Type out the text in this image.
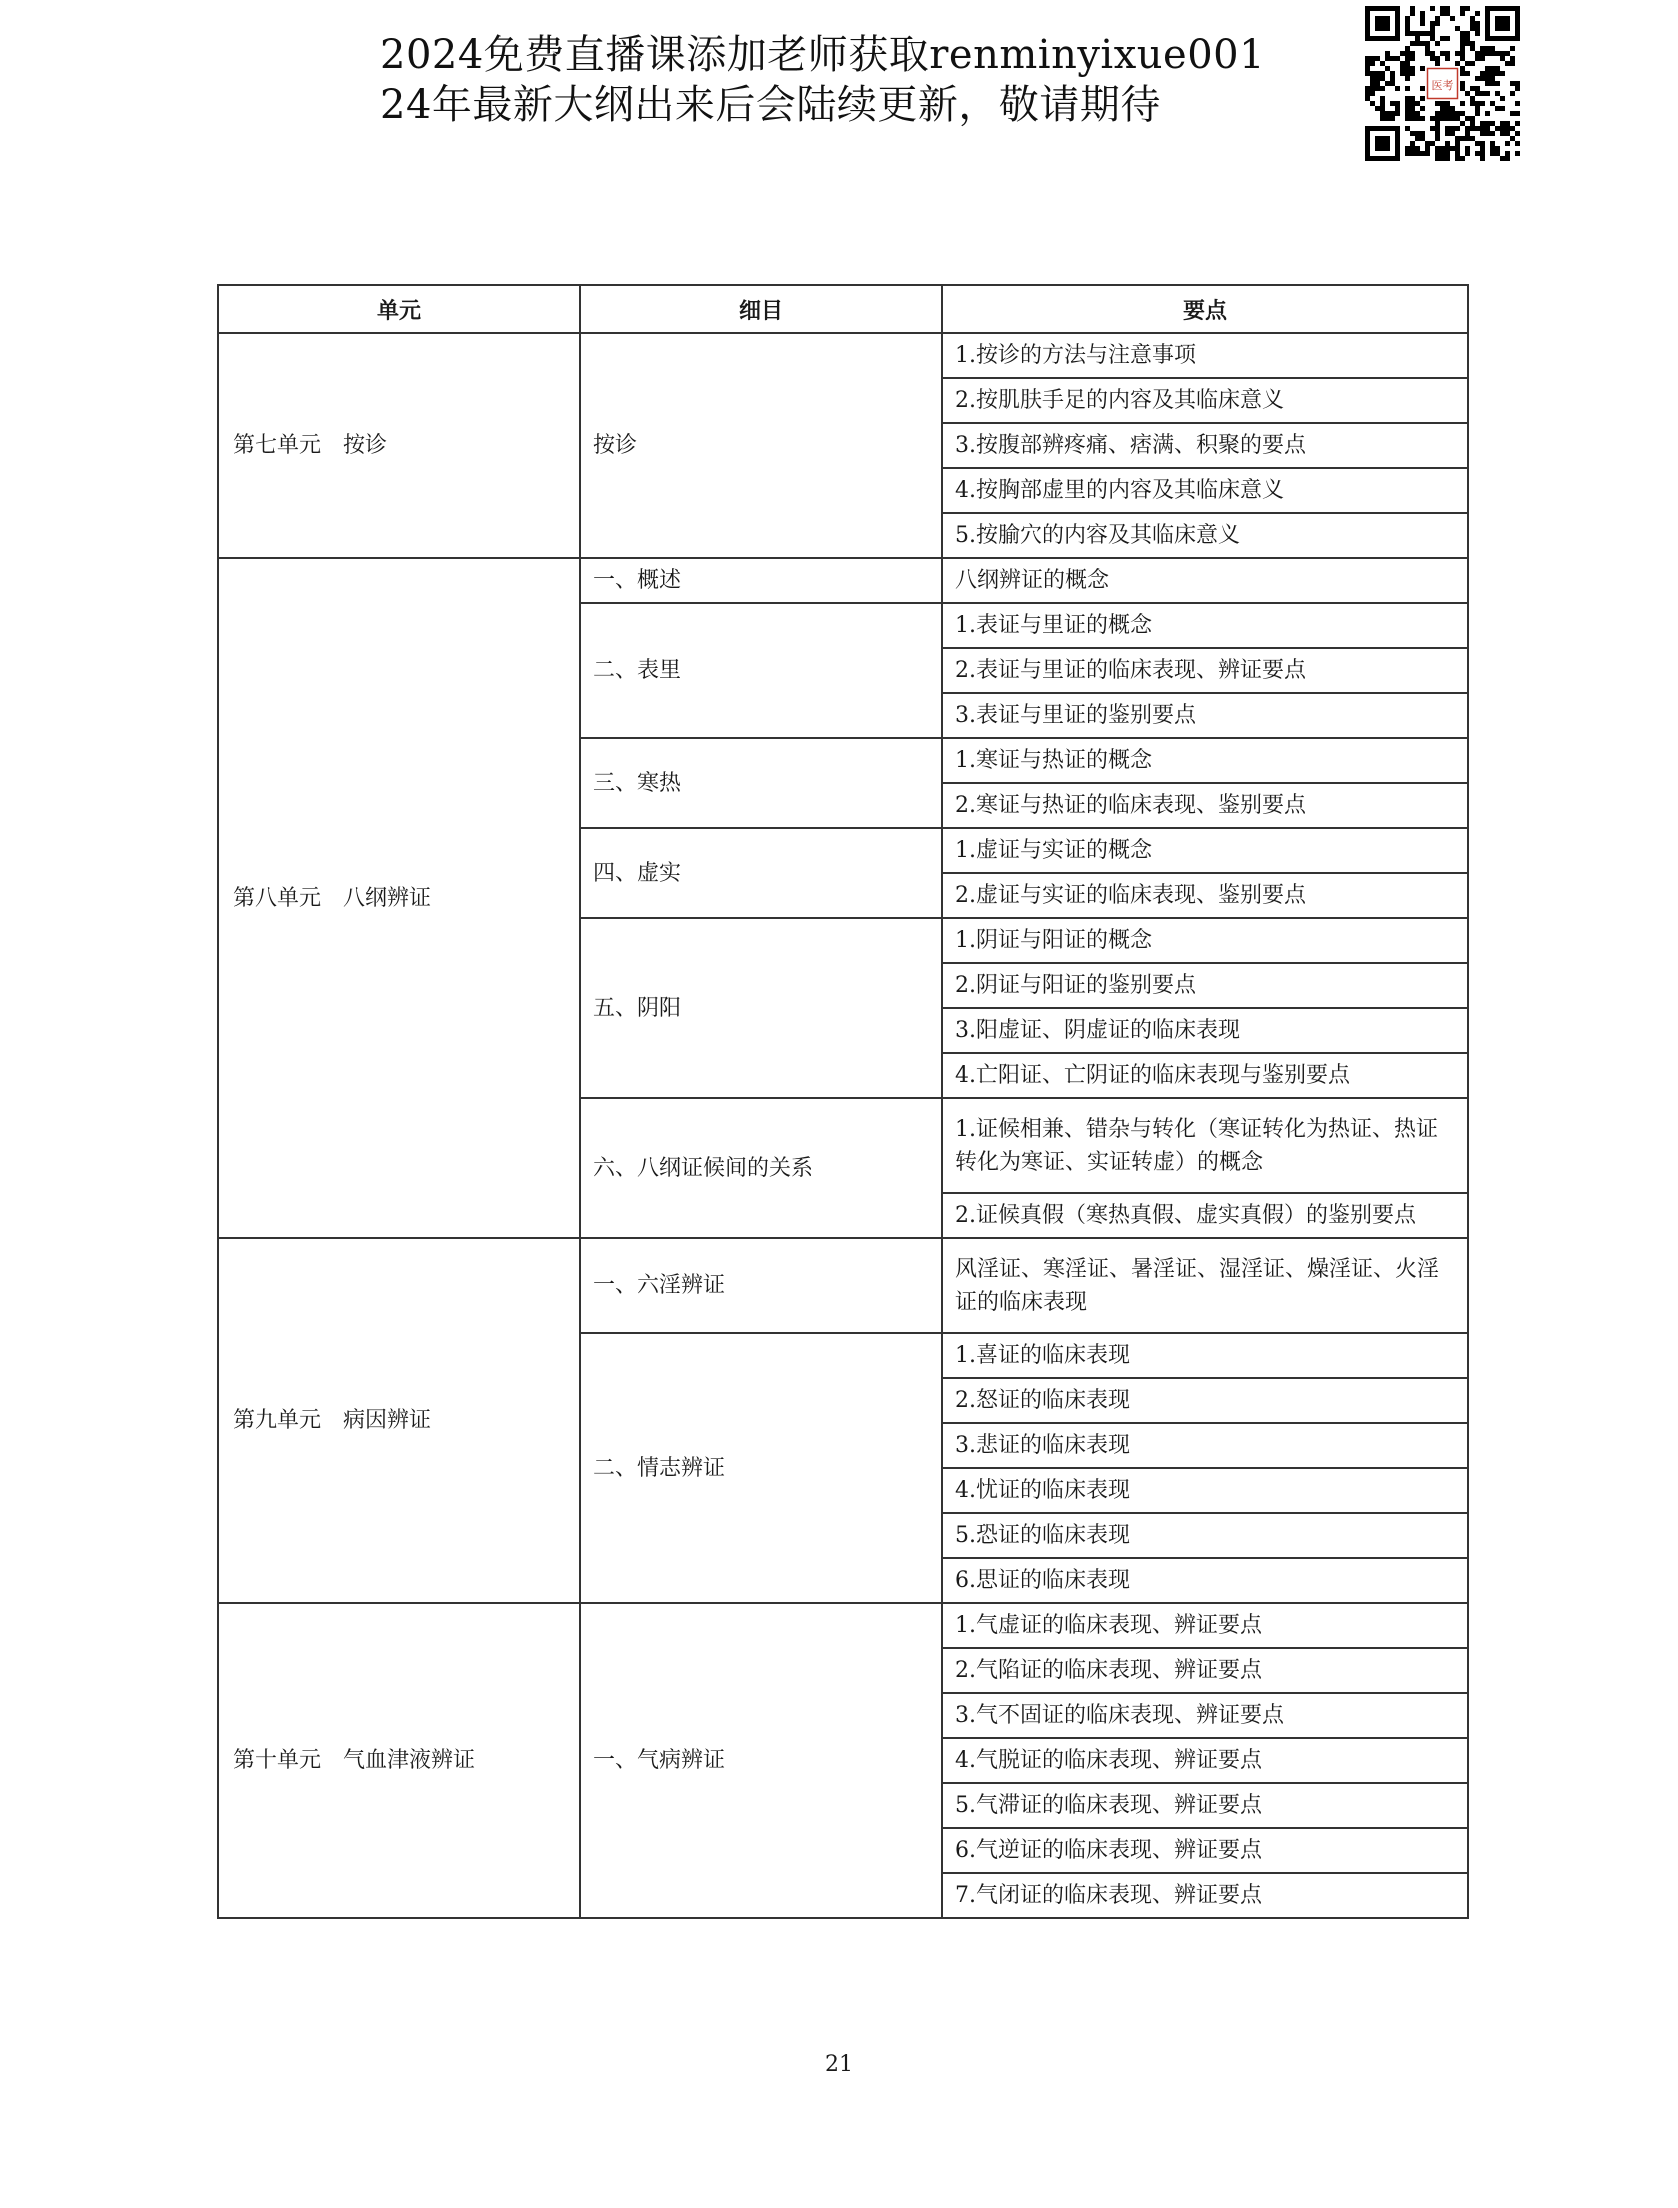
2024免费直播课添加老师获取renminyixue001
24年最新大纲出来后会陆续更新，敬请期待	医考
单元	细目	要点
第七单元　按诊	按诊	1.按诊的方法与注意事项
		2.按肌肤手足的内容及其临床意义
		3.按腹部辨疼痛、痞满、积聚的要点
		4.按胸部虚里的内容及其临床意义
		5.按腧穴的内容及其临床意义
第八单元　八纲辨证	一、概述	八纲辨证的概念
	二、表里	1.表证与里证的概念
		2.表证与里证的临床表现、辨证要点
		3.表证与里证的鉴别要点
	三、寒热	1.寒证与热证的概念
		2.寒证与热证的临床表现、鉴别要点
	四、虚实	1.虚证与实证的概念
		2.虚证与实证的临床表现、鉴别要点
	五、阴阳	1.阴证与阳证的概念
		2.阴证与阳证的鉴别要点
		3.阳虚证、阴虚证的临床表现
		4.亡阳证、亡阴证的临床表现与鉴别要点
	六、八纲证候间的关系	1.证候相兼、错杂与转化（寒证转化为热证、热证转化为寒证、实证转虚）的概念
		2.证候真假（寒热真假、虚实真假）的鉴别要点
第九单元　病因辨证	一、六淫辨证	风淫证、寒淫证、暑淫证、湿淫证、燥淫证、火淫证的临床表现
	二、情志辨证	1.喜证的临床表现
		2.怒证的临床表现
		3.悲证的临床表现
		4.忧证的临床表现
		5.恐证的临床表现
		6.思证的临床表现
第十单元　气血津液辨证	一、气病辨证	1.气虚证的临床表现、辨证要点
		2.气陷证的临床表现、辨证要点
		3.气不固证的临床表现、辨证要点
		4.气脱证的临床表现、辨证要点
		5.气滞证的临床表现、辨证要点
		6.气逆证的临床表现、辨证要点
		7.气闭证的临床表现、辨证要点
21
